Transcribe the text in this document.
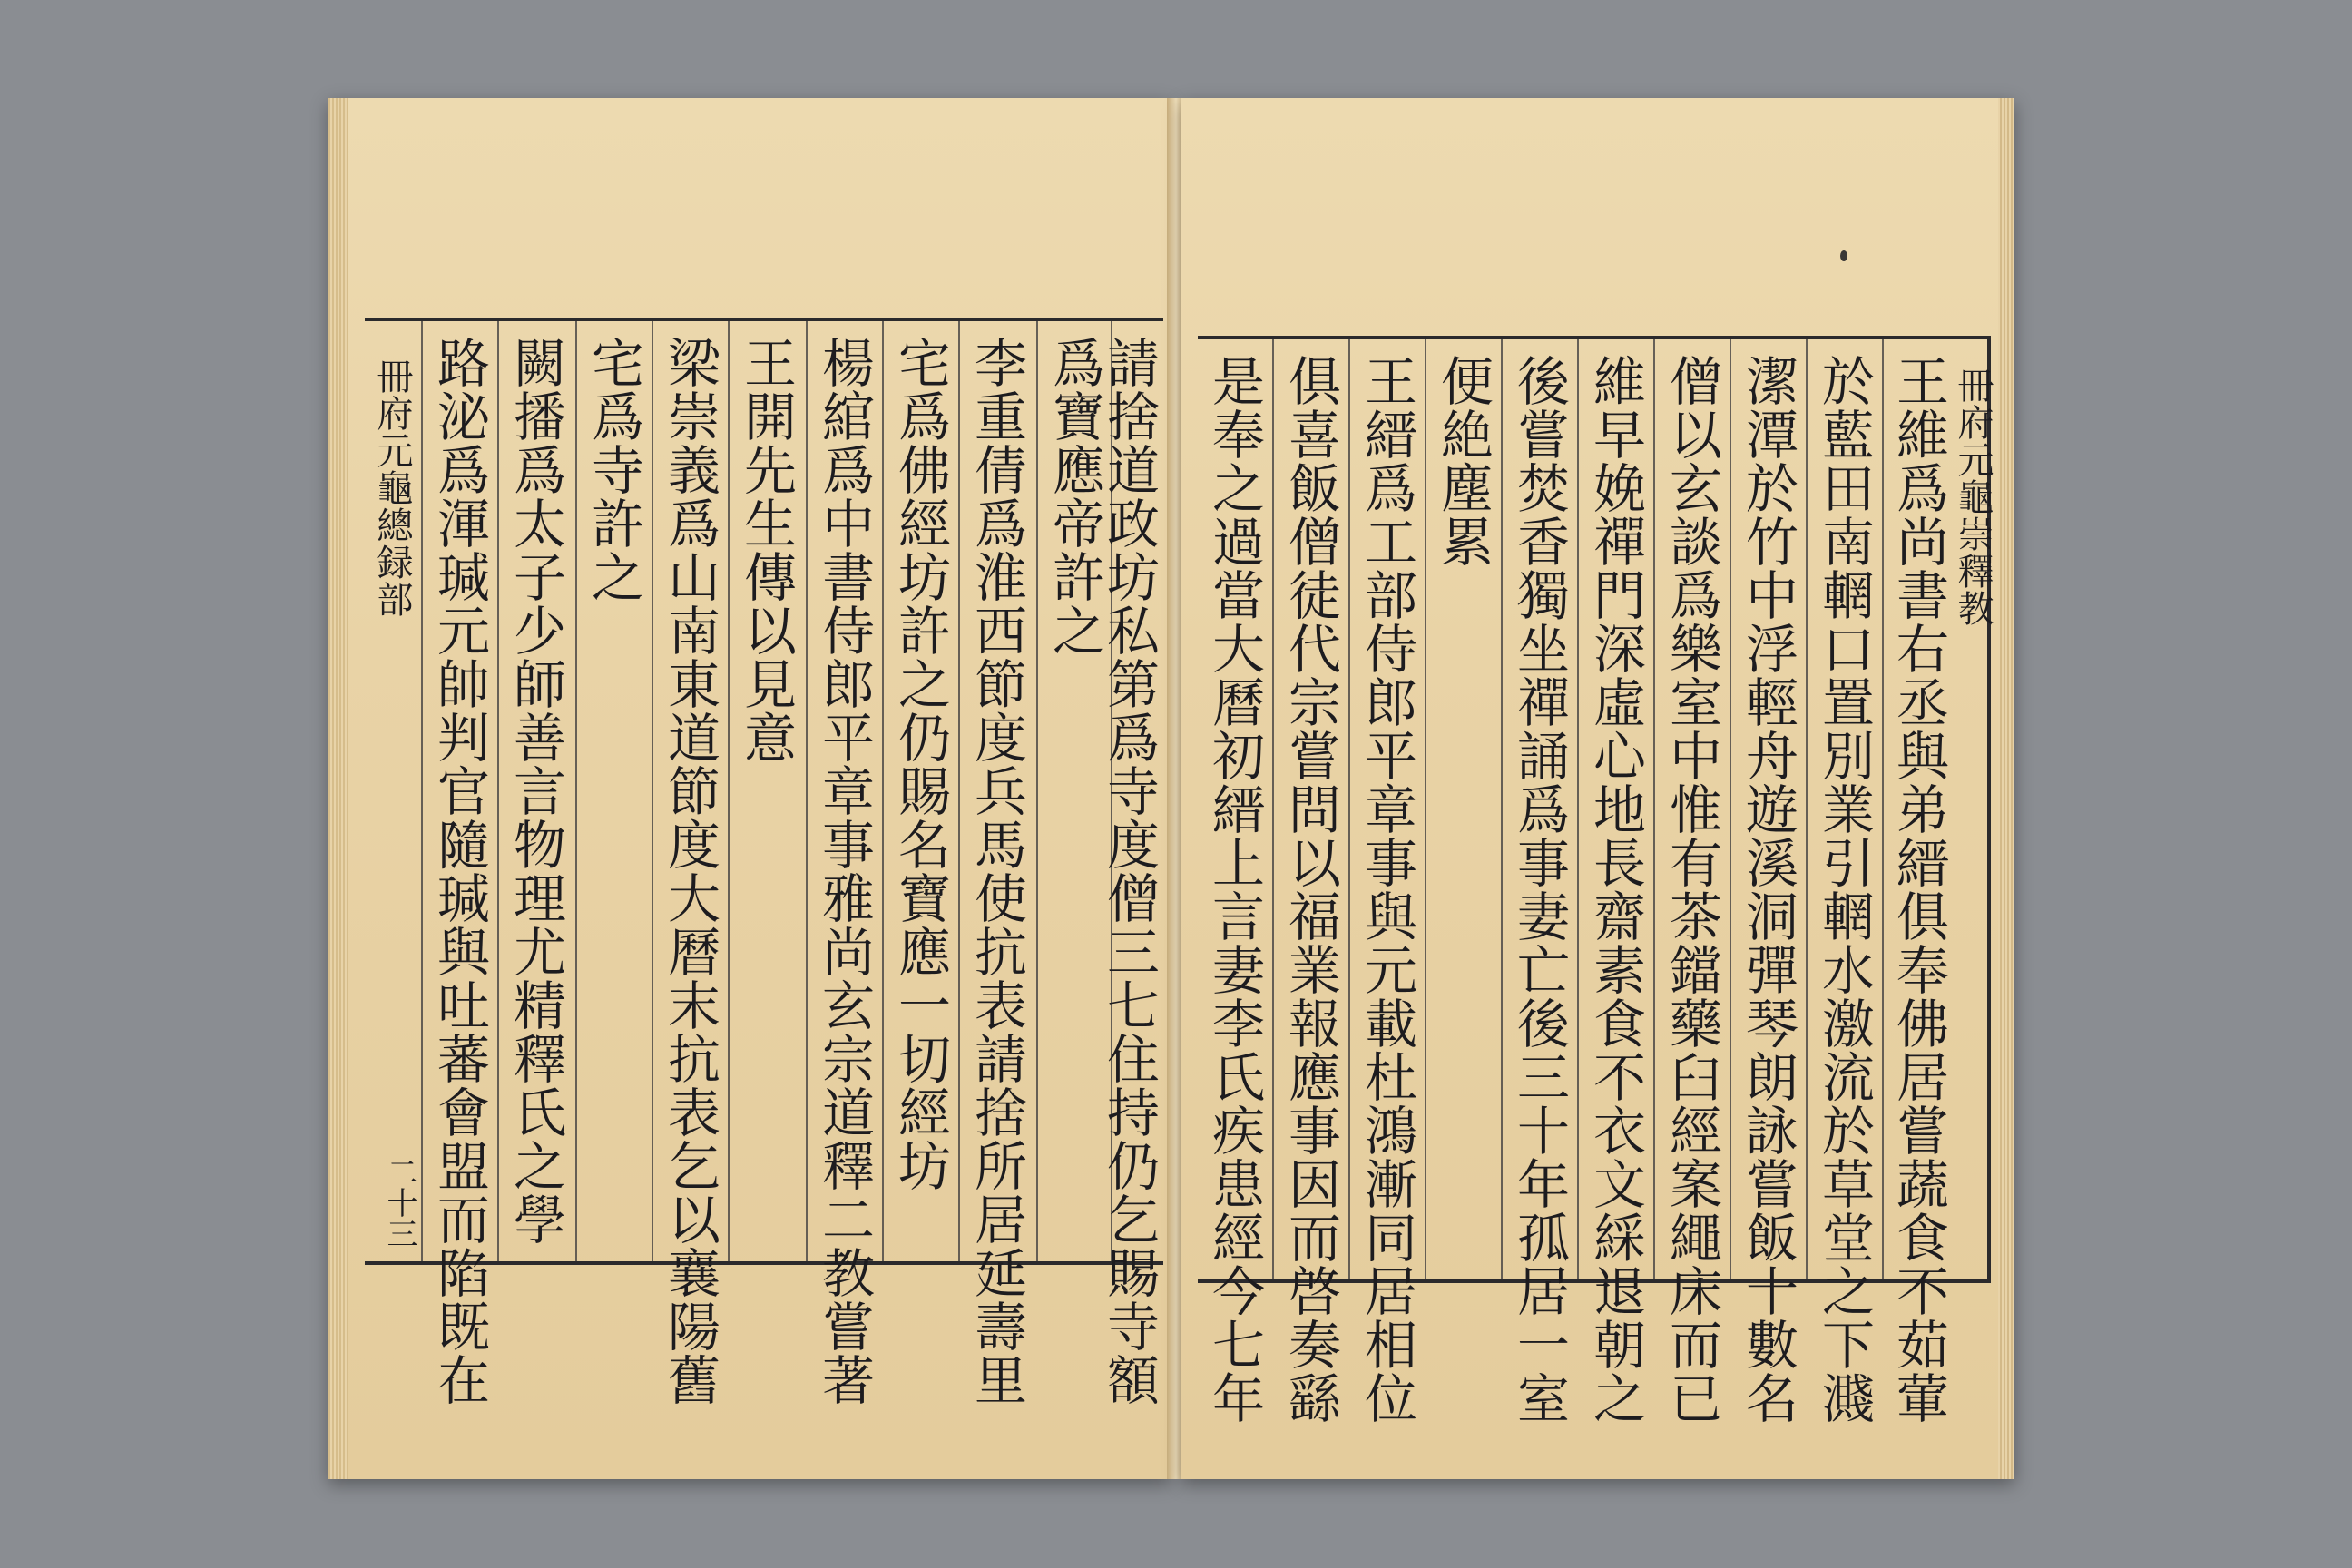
冊府元龜總録部 路泌爲渾瑊元帥判官隨瑊與吐蕃會盟而陷既在 闕播爲太子少師善言物理尤精釋氏之學 宅爲寺許之 梁崇義爲山南東道節度大曆末抗表乞以襄陽舊 王開先生傳以見意 楊綰爲中書侍郎平章事雅尚玄宗道釋二教嘗著 宅爲佛經坊許之仍賜名寶應一切經坊 李重倩爲淮西節度兵馬使抗表請捨所居延壽里 爲寶應帝許之
請捨道政坊私第爲寺度僧三七住持仍乞賜寺額
二十三	是奉之過當大曆初縉上言妻李氏疾患經今七年 俱喜飯僧徒代宗嘗問以福業報應事因而啓奏繇 王縉爲工部侍郎平章事與元載杜鴻漸同居相位 便絶塵累 後嘗焚香獨坐禪誦爲事妻亡後三十年孤居一室 維早娩禪門深虛心地長齋素食不衣文綵退朝之 僧以玄談爲樂室中惟有茶鐺藥臼經案繩床而已 潔潭於竹中浮輕舟遊溪洞彈琴朗詠嘗飯十數名 於藍田南輞口置別業引輞水激流於草堂之下濺 王維爲尚書右丞與弟縉俱奉佛居嘗蔬食不茹葷 冊府元龜崇釋教
